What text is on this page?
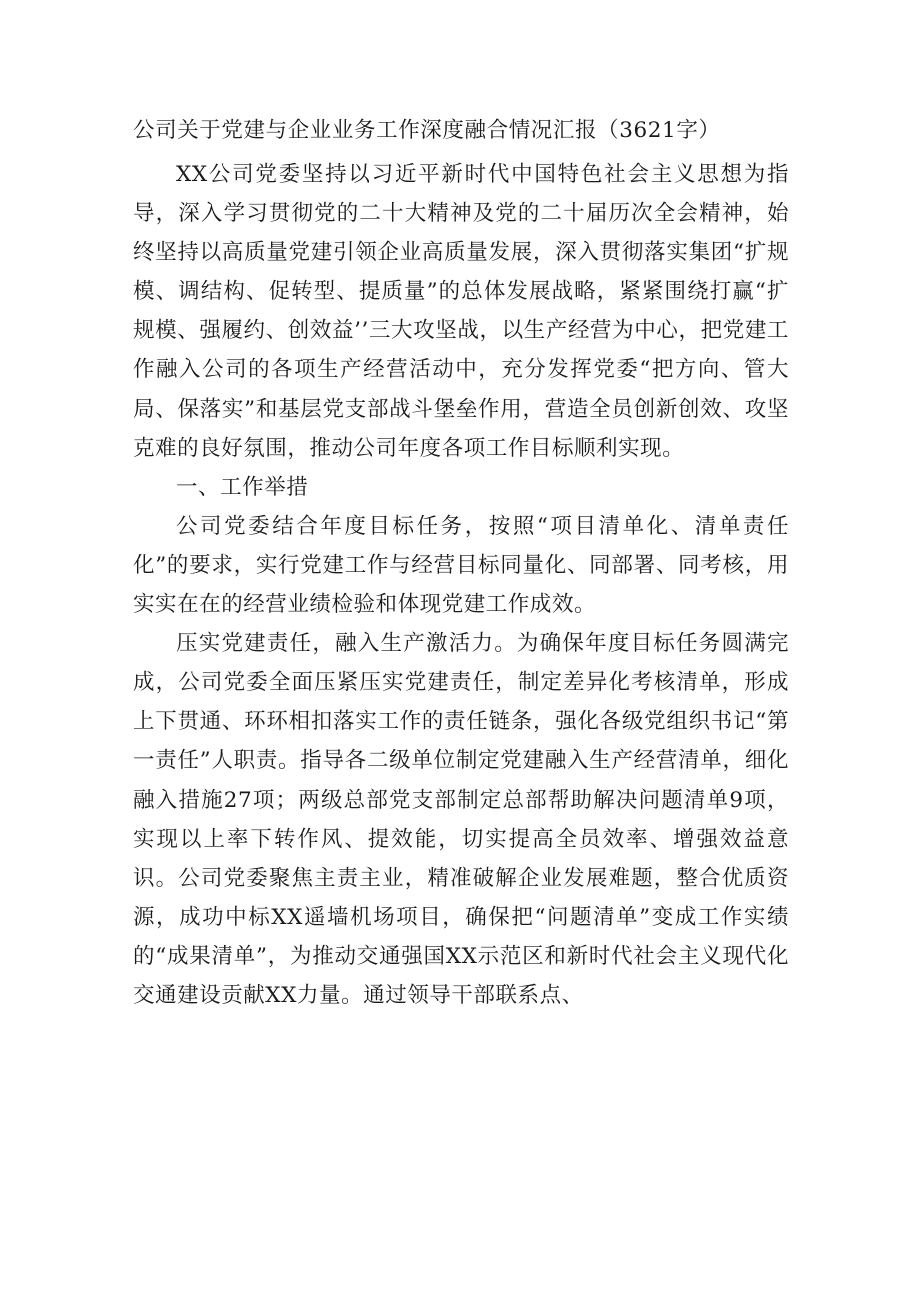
公司关于党建与企业业务工作深度融合情况汇报（3621字）

XX公司党委坚持以习近平新时代中国特色社会主义思想为指导，深入学习贯彻党的二十大精神及党的二十届历次全会精神，始终坚持以高质量党建引领企业高质量发展，深入贯彻落实集团“扩规模、调结构、促转型、提质量”的总体发展战略，紧紧围绕打赢“扩规模、强履约、创效益’’三大攻坚战，以生产经营为中心，把党建工作融入公司的各项生产经营活动中，充分发挥党委“把方向、管大局、保落实”和基层党支部战斗堡垒作用，营造全员创新创效、攻坚克难的良好氛围，推动公司年度各项工作目标顺利实现。

一、工作举措

公司党委结合年度目标任务，按照“项目清单化、清单责任化”的要求，实行党建工作与经营目标同量化、同部署、同考核，用实实在在的经营业绩检验和体现党建工作成效。

压实党建责任，融入生产激活力。为确保年度目标任务圆满完成，公司党委全面压紧压实党建责任，制定差异化考核清单，形成上下贯通、环环相扣落实工作的责任链条，强化各级党组织书记“第一责任”人职责。指导各二级单位制定党建融入生产经营清单，细化融入措施27项；两级总部党支部制定总部帮助解决问题清单9项，实现以上率下转作风、提效能，切实提高全员效率、增强效益意识。公司党委聚焦主责主业，精准破解企业发展难题，整合优质资源，成功中标XX遥墙机场项目，确保把“问题清单”变成工作实绩的“成果清单”，为推动交通强国XX示范区和新时代社会主义现代化交通建设贡献XX力量。通过领导干部联系点、
